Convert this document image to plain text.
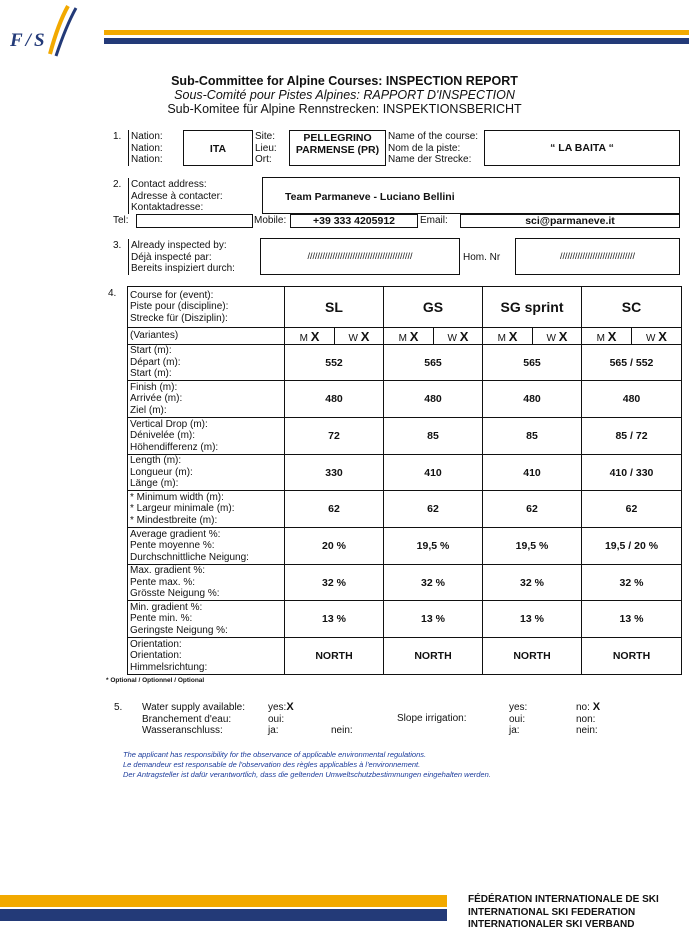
F/S
Sub-Committee for Alpine Courses: INSPECTION REPORT
Sous-Comité pour Pistes Alpines: RAPPORT D'INSPECTION
Sub-Komitee für Alpine Rennstrecken: INSPEKTIONSBERICHT
1. Nation:
Nation:
Nation:
ITA
Site:
Lieu:
Ort:
PELLEGRINO
PARMENSE (PR)
Name of the course:
Nom de la piste:
Name der Strecke:
“ LA BAITA “
2. Contact address:
Adresse à contacter:
Kontaktadresse:
Team Parmaneve - Luciano Bellini
Tel:	Mobile:	+39 333 4205912	Email:	sci@parmaneve.it
3. Already inspected by:
Déjà inspecté par:
Bereits inspiziert durch:
//////////////////////////////////////////	Hom. Nr	//////////////////////////////
4. Course for (event):
Piste pour (discipline):
Strecke für (Disziplin):	SL		GS		SG sprint		SC	
(Variantes)	M X	W X	M X	W X	M X	W X	M X	W X

Start (m):
Départ (m):
Start (m):	552		565		565		565 / 552	

Finish (m):
Arrivée (m):
Ziel (m):	480		480		480		480	

Vertical Drop (m):
Dénivelée (m):
Höhendifferenz (m):	72		85		85		85 / 72	

Length (m):
Longueur (m):
Länge (m):	330		410		410		410 / 330	

* Minimum width (m):
* Largeur minimale (m):
* Mindestbreite (m):	62		62		62		62	

Average gradient %:
Pente moyenne %:
Durchschnittliche Neigung:	20 %		19,5 %		19,5 %		19,5 / 20 %	

Max. gradient %:
Pente max. %:
Grösste Neigung %:	32 %		32 %		32 %		32 %	

Min. gradient %:
Pente min. %:
Geringste Neigung %:	13 %		13 %		13 %		13 %	

Orientation:
Orientation:
Himmelsrichtung:	NORTH		NORTH		NORTH		NORTH	
* Optional / Optionnel / Optional
5. Water supply available:
Branchement d'eau:
Wasseranschluss:
yes:X
oui:
ja:	nein:
Slope irrigation:
yes:
oui:
ja:
no: X
non:
nein:
The applicant has responsibility for the observance of applicable environmental regulations.
Le demandeur est responsable de l'observation des règles applicables à l'environnement.
Der Antragsteller ist dafür verantwortlich, dass die geltenden Umweltschutzbestimmungen eingehalten werden.
FÉDÉRATION INTERNATIONALE DE SKI
INTERNATIONAL SKI FEDERATION
INTERNATIONALER SKI VERBAND
